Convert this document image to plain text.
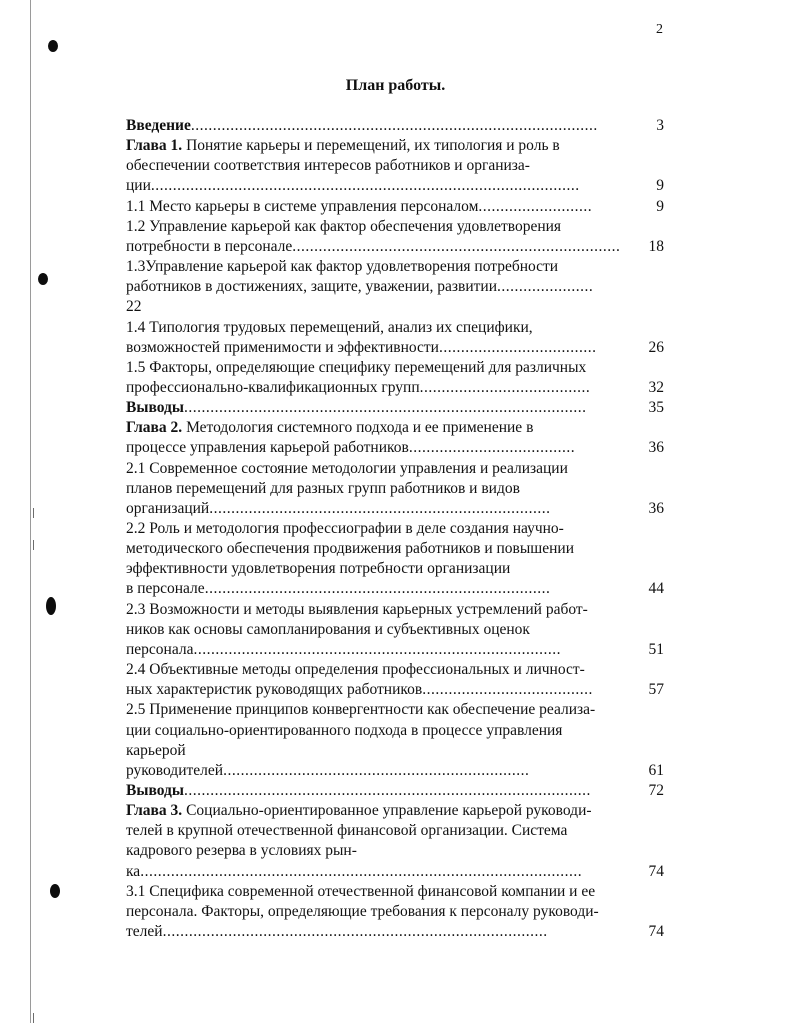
2
План работы.
Введение.............................................................................................	3
Глава 1. Понятие карьеры и перемещений, их типология и роль в
обеспечении соответствия интересов работников и организа-
ции..................................................................................................	9
1.1 Место карьеры в системе управления персоналом..........................	9
1.2 Управление карьерой как фактор обеспечения удовлетворения
потребности в персонале........................................................................... 18
1.3Управление карьерой как фактор удовлетворения потребности
работников в достижениях, защите, уважении, развитии......................
22
1.4 Типология трудовых перемещений, анализ их специфики,
возможностей применимости и эффективности....................................	26
1.5 Факторы, определяющие специфику перемещений для различных
профессионально-квалификационных групп.......................................	32
Выводы............................................................................................	35
Глава 2. Методология системного подхода и ее применение в
процессе управления карьерой работников......................................	36
2.1 Современное состояние методологии управления и реализации
планов перемещений для разных групп работников и видов
организаций..............................................................................	36
2.2 Роль и методология профессиографии в деле создания научно-
методического обеспечения продвижения работников и повышении
эффективности удовлетворения потребности организации
в персонале...............................................................................	44
2.3 Возможности и методы выявления карьерных устремлений работ-
ников как основы самопланирования и субъективных оценок
персонала....................................................................................	51
2.4 Объективные методы определения профессиональных и личност-
ных характеристик руководящих работников.......................................	57
2.5 Применение принципов конвергентности как обеспечение реализа-
ции социально-ориентированного подхода в процессе управления
карьерой
руководителей......................................................................	61
Выводы.............................................................................................	72
Глава 3. Социально-ориентированное управление карьерой руководи-
телей в крупной отечественной финансовой организации. Система
кадрового резерва в условиях рын-
ка.....................................................................................................	74
3.1 Специфика современной отечественной финансовой компании и ее
персонала. Факторы, определяющие требования к персоналу руководи-
телей........................................................................................	74
